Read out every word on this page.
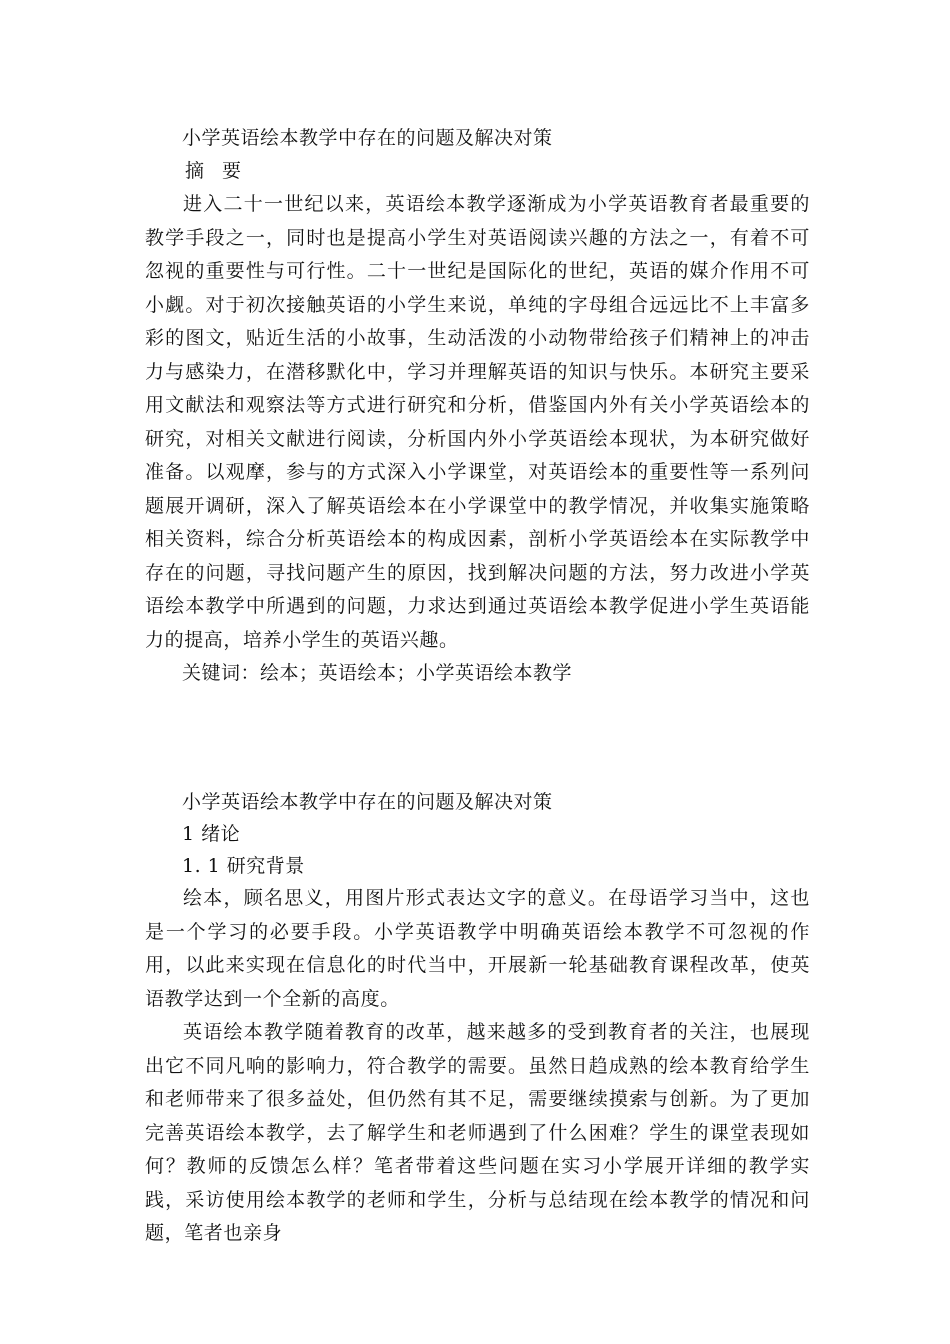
小学英语绘本教学中存在的问题及解决对策
摘 要

进入二十一世纪以来，英语绘本教学逐渐成为小学英语教育者最重要的教学手段之一，同时也是提高小学生对英语阅读兴趣的方法之一，有着不可忽视的重要性与可行性。二十一世纪是国际化的世纪，英语的媒介作用不可小觑。对于初次接触英语的小学生来说，单纯的字母组合远远比不上丰富多彩的图文，贴近生活的小故事，生动活泼的小动物带给孩子们精神上的冲击力与感染力，在潜移默化中，学习并理解英语的知识与快乐。本研究主要采用文献法和观察法等方式进行研究和分析，借鉴国内外有关小学英语绘本的研究，对相关文献进行阅读，分析国内外小学英语绘本现状，为本研究做好准备。以观摩，参与的方式深入小学课堂，对英语绘本的重要性等一系列问题展开调研，深入了解英语绘本在小学课堂中的教学情况，并收集实施策略相关资料，综合分析英语绘本的构成因素，剖析小学英语绘本在实际教学中存在的问题，寻找问题产生的原因，找到解决问题的方法，努力改进小学英语绘本教学中所遇到的问题，力求达到通过英语绘本教学促进小学生英语能力的提高，培养小学生的英语兴趣。

关键词：绘本；英语绘本；小学英语绘本教学
小学英语绘本教学中存在的问题及解决对策
1 绪论
1. 1 研究背景

绘本，顾名思义，用图片形式表达文字的意义。在母语学习当中，这也是一个学习的必要手段。小学英语教学中明确英语绘本教学不可忽视的作用，以此来实现在信息化的时代当中，开展新一轮基础教育课程改革，使英语教学达到一个全新的高度。

英语绘本教学随着教育的改革，越来越多的受到教育者的关注，也展现出它不同凡响的影响力，符合教学的需要。虽然日趋成熟的绘本教育给学生和老师带来了很多益处，但仍然有其不足，需要继续摸索与创新。为了更加完善英语绘本教学，去了解学生和老师遇到了什么困难？学生的课堂表现如何？教师的反馈怎么样？笔者带着这些问题在实习小学展开详细的教学实践，采访使用绘本教学的老师和学生，分析与总结现在绘本教学的情况和问题，笔者也亲身
